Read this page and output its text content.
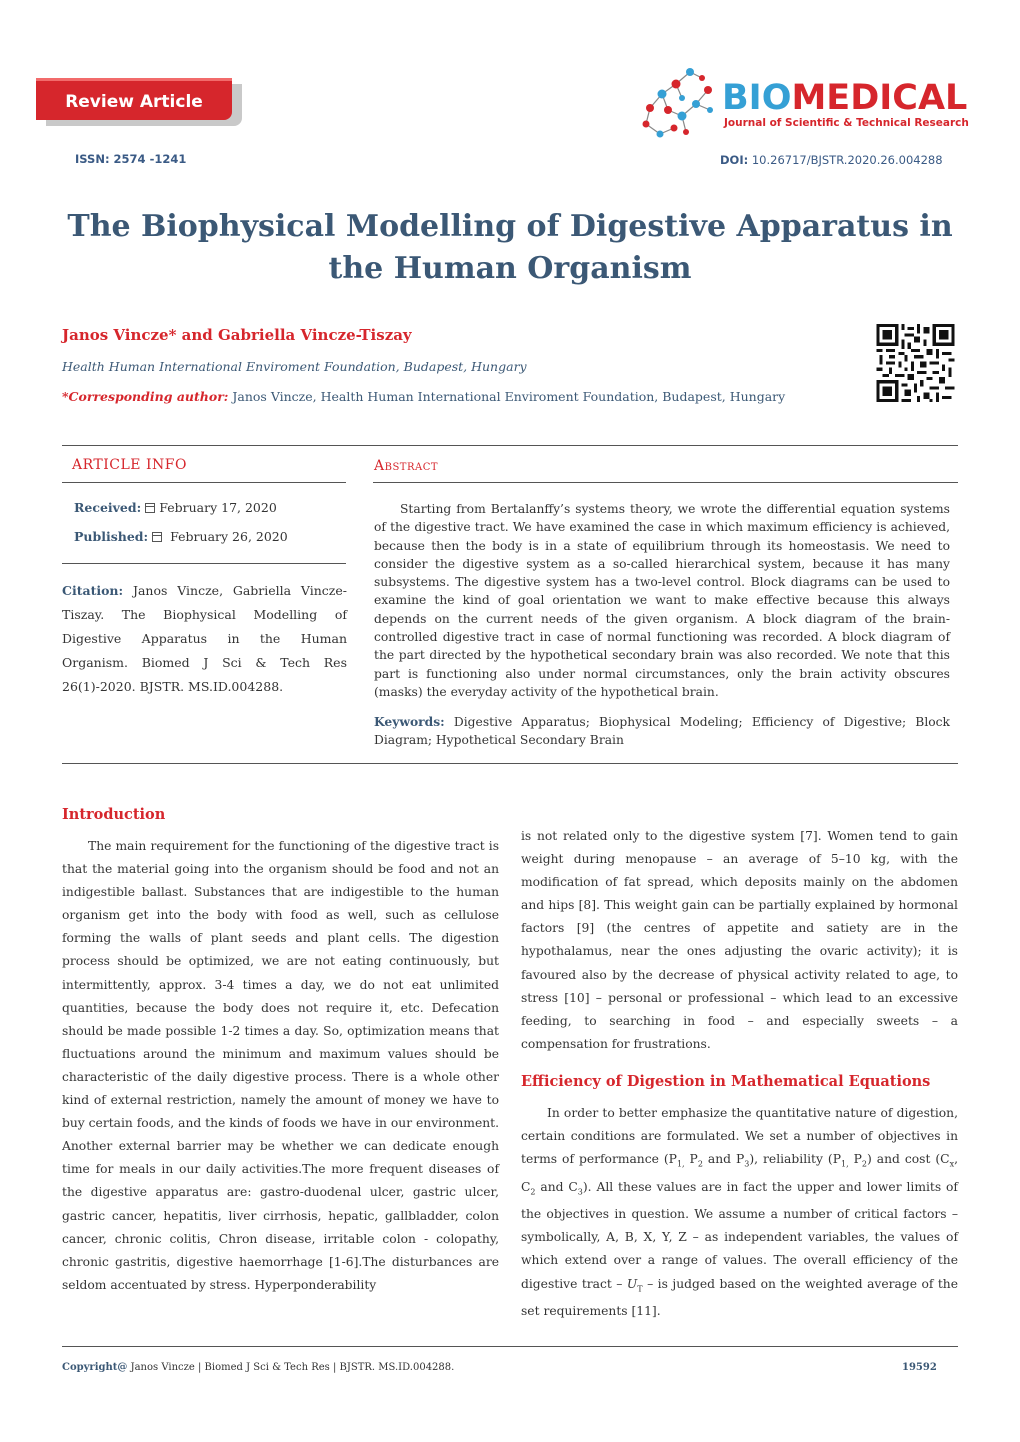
Review Article	BIOMEDICAL
Journal of Scientific & Technical Research
ISSN: 2574 -1241	DOI: 10.26717/BJSTR.2020.26.004288
The Biophysical Modelling of Digestive Apparatus in the Human Organism
Janos Vincze* and Gabriella Vincze-Tiszay
Health Human International Enviroment Foundation, Budapest, Hungary
*Corresponding author: Janos Vincze, Health Human International Enviroment Foundation, Budapest, Hungary
ARTICLE INFO	Abstract
Received: February 17, 2020
Published: February 26, 2020
Citation: Janos Vincze, Gabriella Vincze-Tiszay. The Biophysical Modelling of Digestive Apparatus in the Human Organism. Biomed J Sci & Tech Res 26(1)-2020. BJSTR. MS.ID.004288.
Starting from Bertalanffy’s systems theory, we wrote the differential equation systems of the digestive tract. We have examined the case in which maximum efficiency is achieved, because then the body is in a state of equilibrium through its homeostasis. We need to consider the digestive system as a so-called hierarchical system, because it has many subsystems. The digestive system has a two-level control. Block diagrams can be used to examine the kind of goal orientation we want to make effective because this always depends on the current needs of the given organism. A block diagram of the brain-controlled digestive tract in case of normal functioning was recorded. A block diagram of the part directed by the hypothetical secondary brain was also recorded. We note that this part is functioning also under normal circumstances, only the brain activity obscures (masks) the everyday activity of the hypothetical brain.
Keywords: Digestive Apparatus; Biophysical Modeling; Efficiency of Digestive; Block Diagram; Hypothetical Secondary Brain
Introduction
The main requirement for the functioning of the digestive tract is that the material going into the organism should be food and not an indigestible ballast. Substances that are indigestible to the human organism get into the body with food as well, such as cellulose forming the walls of plant seeds and plant cells. The digestion process should be optimized, we are not eating continuously, but intermittently, approx. 3-4 times a day, we do not eat unlimited quantities, because the body does not require it, etc. Defecation should be made possible 1-2 times a day. So, optimization means that fluctuations around the minimum and maximum values should be characteristic of the daily digestive process. There is a whole other kind of external restriction, namely the amount of money we have to buy certain foods, and the kinds of foods we have in our environment. Another external barrier may be whether we can dedicate enough time for meals in our daily activities.The more frequent diseases of the digestive apparatus are: gastro-duodenal ulcer, gastric ulcer, gastric cancer, hepatitis, liver cirrhosis, hepatic, gallbladder, colon cancer, chronic colitis, Chron disease, irritable colon - colopathy, chronic gastritis, digestive haemorrhage [1-6].The disturbances are seldom accentuated by stress. Hyperponderability
is not related only to the digestive system [7]. Women tend to gain weight during menopause – an average of 5–10 kg, with the modification of fat spread, which deposits mainly on the abdomen and hips [8]. This weight gain can be partially explained by hormonal factors [9] (the centres of appetite and satiety are in the hypothalamus, near the ones adjusting the ovaric activity); it is favoured also by the decrease of physical activity related to age, to stress [10] – personal or professional – which lead to an excessive feeding, to searching in food – and especially sweets – a compensation for frustrations.
Efficiency of Digestion in Mathematical Equations
In order to better emphasize the quantitative nature of digestion, certain conditions are formulated. We set a number of objectives in terms of performance ($P_{1,}$ $P_2$ and $P_3$), reliability ($P_{1,}$ $P_2$) and cost ($C_x$, $C_2$ and $C_3$). All these values are in fact the upper and lower limits of the objectives in question. We assume a number of critical factors – symbolically, A, B, X, Y, Z – as independent variables, the values of which extend over a range of values. The overall efficiency of the digestive tract – $U_T$ – is judged based on the weighted average of the set requirements [11].
Copyright@ Janos Vincze | Biomed J Sci & Tech Res | BJSTR. MS.ID.004288.	19592
